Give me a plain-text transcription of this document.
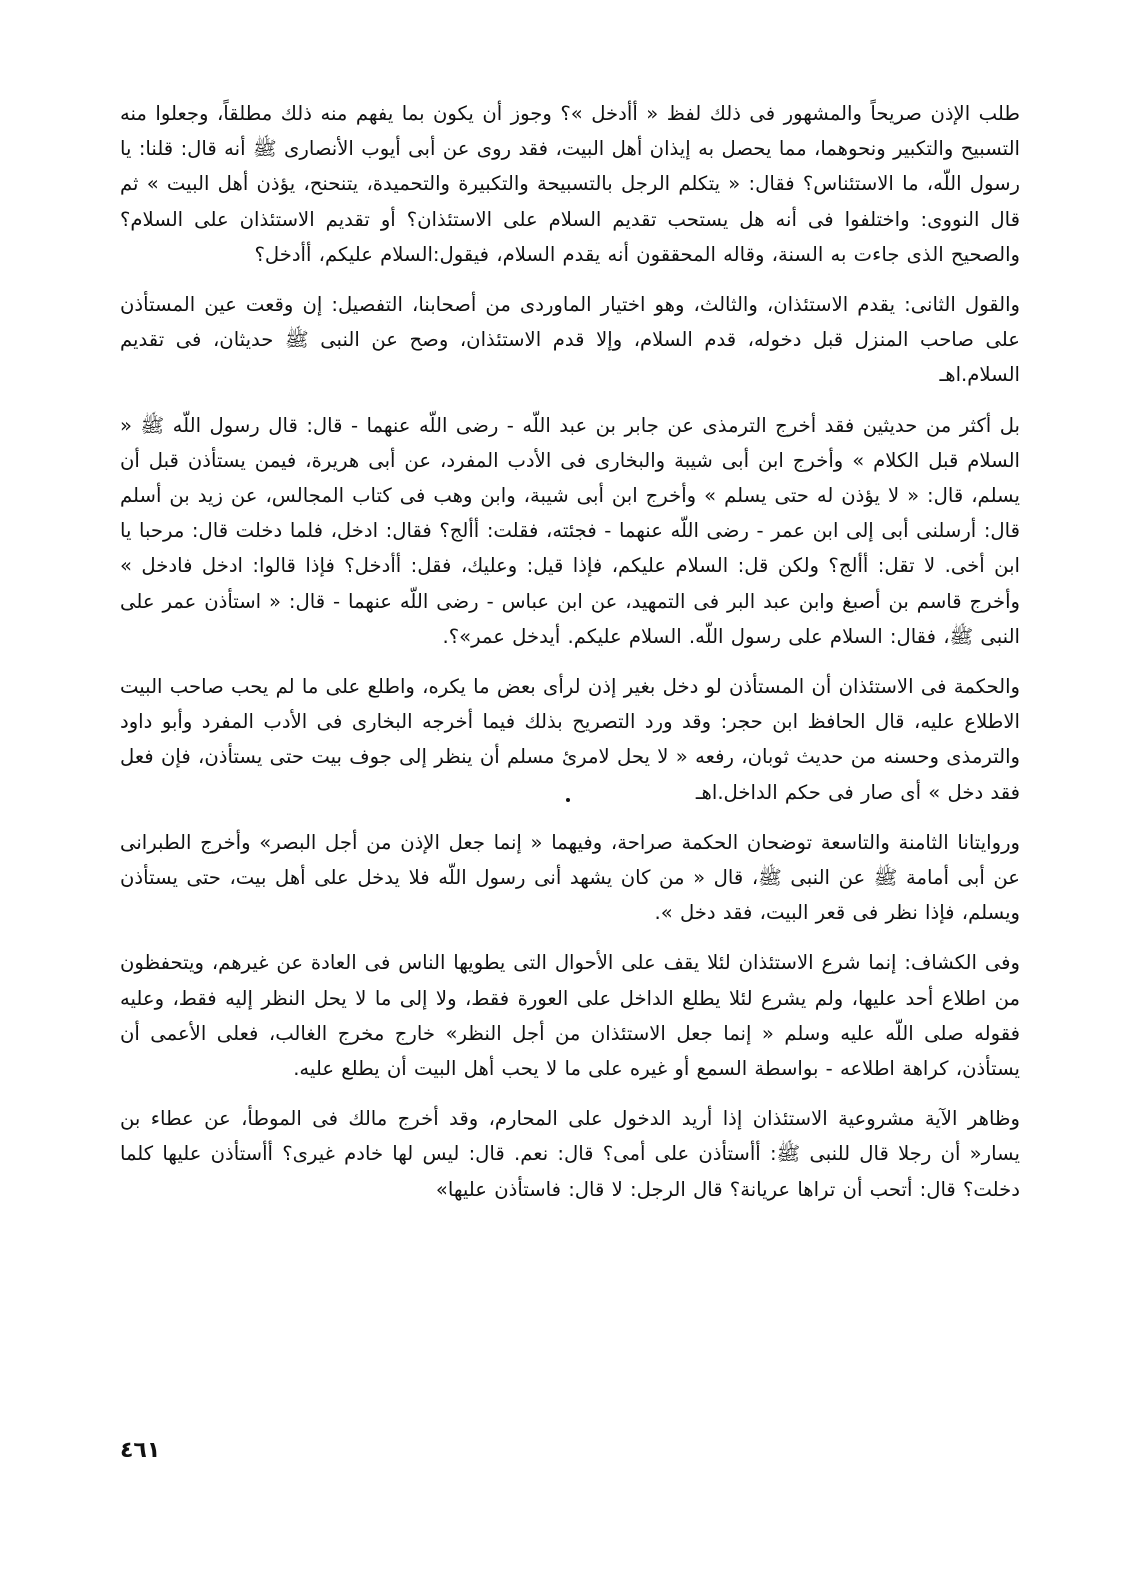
طلب الإذن صريحاً والمشهور فى ذلك لفظ « أأدخل »؟ وجوز أن يكون بما يفهم منه ذلك مطلقاً، وجعلوا منه التسبيح والتكبير ونحوهما، مما يحصل به إيذان أهل البيت، فقد روى عن أبى أيوب الأنصارى ﷺ أنه قال: قلنا: يا رسول اللّه، ما الاستئناس؟ فقال: « يتكلم الرجل بالتسبيحة والتكبيرة والتحميدة، يتنحنح، يؤذن أهل البيت » ثم قال النووى: واختلفوا فى أنه هل يستحب تقديم السلام على الاستئذان؟ أو تقديم الاستئذان على السلام؟ والصحيح الذى جاءت به السنة، وقاله المحققون أنه يقدم السلام، فيقول:السلام عليكم، أأدخل؟

والقول الثانى: يقدم الاستئذان، والثالث، وهو اختيار الماوردى من أصحابنا، التفصيل: إن وقعت عين المستأذن على صاحب المنزل قبل دخوله، قدم السلام، وإلا قدم الاستئذان، وصح عن النبى ﷺ حديثان، فى تقديم السلام.اهـ

بل أكثر من حديثين فقد أخرج الترمذى عن جابر بن عبد اللّه - رضى اللّه عنهما - قال: قال رسول اللّه ﷺ « السلام قبل الكلام » وأخرج ابن أبى شيبة والبخارى فى الأدب المفرد، عن أبى هريرة، فيمن يستأذن قبل أن يسلم، قال: « لا يؤذن له حتى يسلم » وأخرج ابن أبى شيبة، وابن وهب فى كتاب المجالس، عن زيد بن أسلم قال: أرسلنى أبى إلى ابن عمر - رضى اللّه عنهما - فجئته، فقلت: أألج؟ فقال: ادخل، فلما دخلت قال: مرحبا يا ابن أخى. لا تقل: أألج؟ ولكن قل: السلام عليكم، فإذا قيل: وعليك، فقل: أأدخل؟ فإذا قالوا: ادخل فادخل » وأخرج قاسم بن أصبغ وابن عبد البر فى التمهيد، عن ابن عباس - رضى اللّه عنهما - قال: « استأذن عمر على النبى ﷺ، فقال: السلام على رسول اللّه. السلام عليكم. أيدخل عمر»؟.

والحكمة فى الاستئذان أن المستأذن لو دخل بغير إذن لرأى بعض ما يكره، واطلع على ما لم يحب صاحب البيت الاطلاع عليه، قال الحافظ ابن حجر: وقد ورد التصريح بذلك فيما أخرجه البخارى فى الأدب المفرد وأبو داود والترمذى وحسنه من حديث ثوبان، رفعه « لا يحل لامرئ مسلم أن ينظر إلى جوف بيت حتى يستأذن، فإن فعل فقد دخل » أى صار فى حكم الداخل.اهـ

وروايتانا الثامنة والتاسعة توضحان الحكمة صراحة، وفيهما « إنما جعل الإذن من أجل البصر» وأخرج الطبرانى عن أبى أمامة ﷺ عن النبى ﷺ، قال « من كان يشهد أنى رسول اللّه فلا يدخل على أهل بيت، حتى يستأذن ويسلم، فإذا نظر فى قعر البيت، فقد دخل ».

وفى الكشاف: إنما شرع الاستئذان لئلا يقف على الأحوال التى يطويها الناس فى العادة عن غيرهم، ويتحفظون من اطلاع أحد عليها، ولم يشرع لئلا يطلع الداخل على العورة فقط، ولا إلى ما لا يحل النظر إليه فقط، وعليه فقوله صلى اللّه عليه وسلم « إنما جعل الاستئذان من أجل النظر» خارج مخرج الغالب، فعلى الأعمى أن يستأذن، كراهة اطلاعه - بواسطة السمع أو غيره على ما لا يحب أهل البيت أن يطلع عليه.

وظاهر الآية مشروعية الاستئذان إذا أريد الدخول على المحارم، وقد أخرج مالك فى الموطأ، عن عطاء بن يسار« أن رجلا قال للنبى ﷺ: أأستأذن على أمى؟ قال: نعم. قال: ليس لها خادم غيرى؟ أأستأذن عليها كلما دخلت؟ قال: أتحب أن تراها عريانة؟ قال الرجل: لا قال: فاستأذن عليها»

٤٦١
